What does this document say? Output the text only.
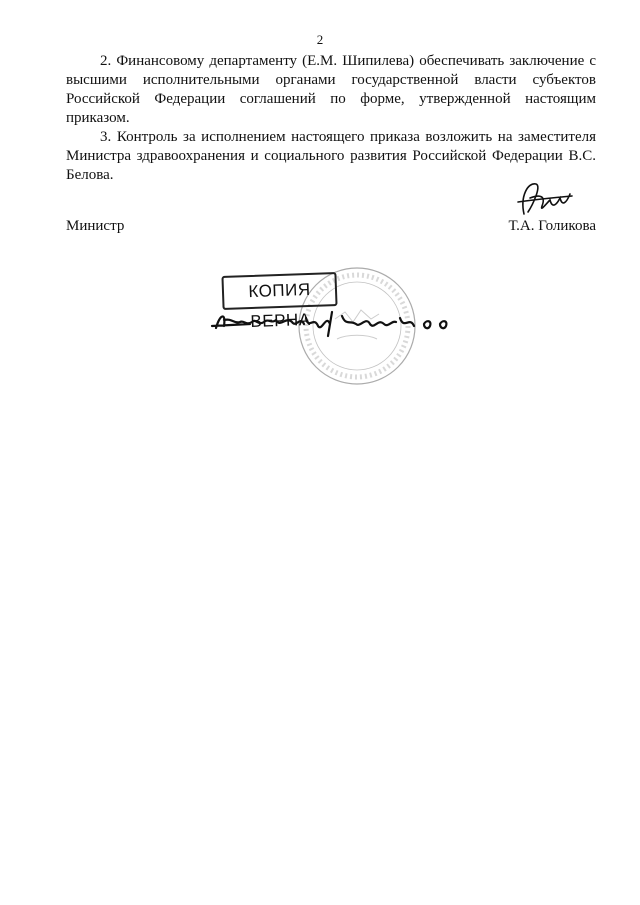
2

2. Финансовому департаменту (Е.М. Шипилева) обеспечивать заключение с высшими исполнительными органами государственной власти субъектов Российской Федерации соглашений по форме, утвержденной настоящим приказом.

3. Контроль за исполнением настоящего приказа возложить на заместителя Министра здравоохранения и социального развития Российской Федерации В.С. Белова.

Министр	Т.А. Голикова
КОПИЯ ВЕРНА
